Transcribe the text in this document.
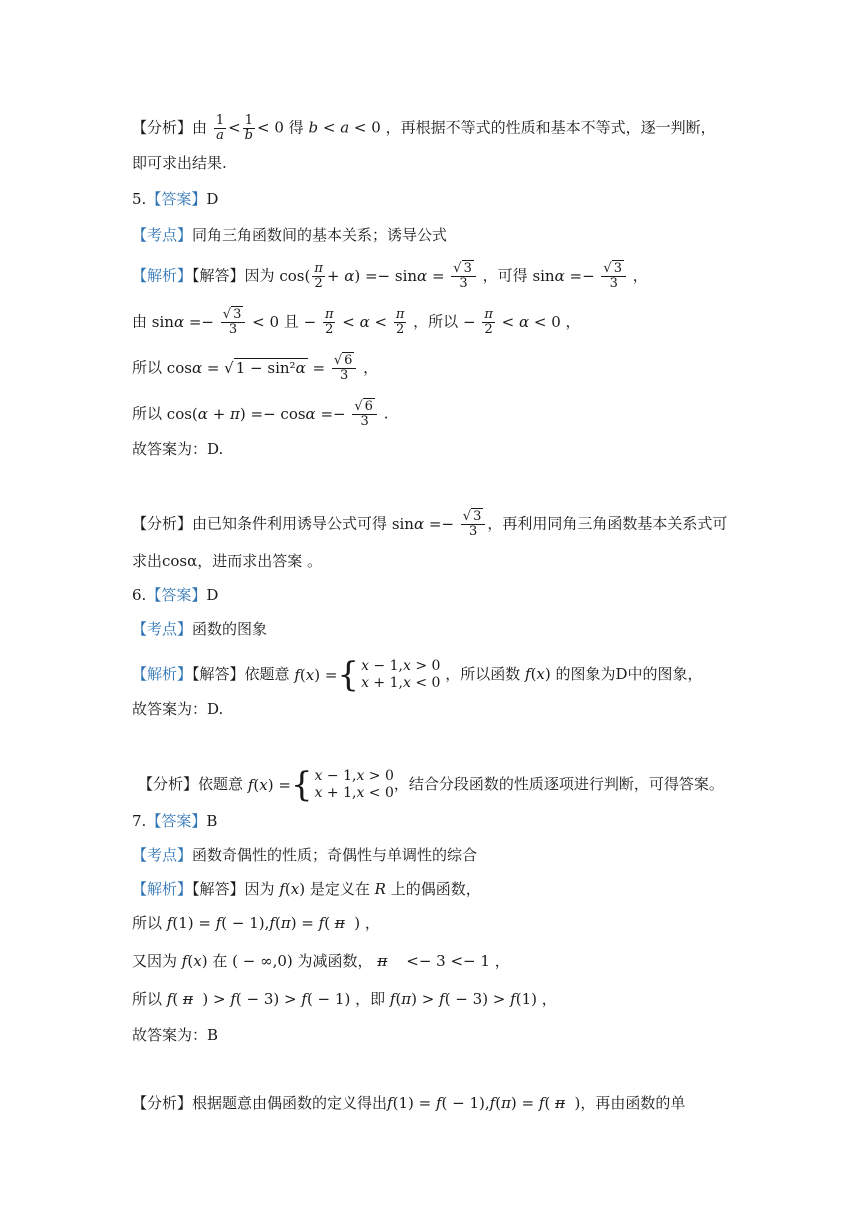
【分析】由 $\frac{1}{a} < \frac{1}{b} < 0$ 得 b < a < 0 ，再根据不等式的性质和基本不等式，逐一判断，
即可求出结果.
5.【答案】D
【考点】同角三角函数间的基本关系；诱导公式
【解析】【解答】因为 $\cos( \frac{\pi}{2} + \alpha) =- \sin\alpha = \frac{√ 3}{3}$ ，可得 $\sin\alpha =- \frac{√ 3}{3}$ ，
由 $\sin\alpha =- \frac{√ 3}{3} < 0$ 且 − $\frac{\pi}{2} < \alpha < \frac{\pi}{2}$ ，所以 − $\frac{\pi}{2} < \alpha < 0$ ，
所以 cosα = √ $1 - \sin^2\alpha = \frac{√ 6}{3}$ ，
所以 $\cos(\alpha + \pi) =- \cos\alpha =- \frac{√ 6}{3}$ .
故答案为：D.
【分析】由已知条件利用诱导公式可得 $\sin\alpha =- \frac{√ 3}{3}$ ，再利用同角三角函数基本关系式可
求出cosα，进而求出答案 。
6.【答案】D
【考点】函数的图象
【解析】【解答】依题意 f ( x ) = { x − 1,x > 0
x + 1,x < 0 ，所以函数 f(x) 的图象为D中的图象，
故答案为：D.
【分析】依题意 f ( x ) = { x − 1,x > 0
x + 1,x < 0 ，结合分段函数的性质逐项进行判断，可得答案。
7.【答案】B
【考点】函数奇偶性的性质；奇偶性与单调性的综合
【解析】【解答】因为 f(x) 是定义在 R 上的偶函数，
所以 f(1) = f( − 1),f(π) = f( π  ) ，
又因为 f(x) 在 ( − ∞,0) 为减函数， π    <− 3 <− 1 ，
所以 f( π  ) > f( − 3) > f( − 1) ，即 f(π) > f( − 3) > f(1) ，
故答案为：B
【分析】根据题意由偶函数的定义得出f(1) = f( − 1),f(π) = f( π  )，再由函数的单
